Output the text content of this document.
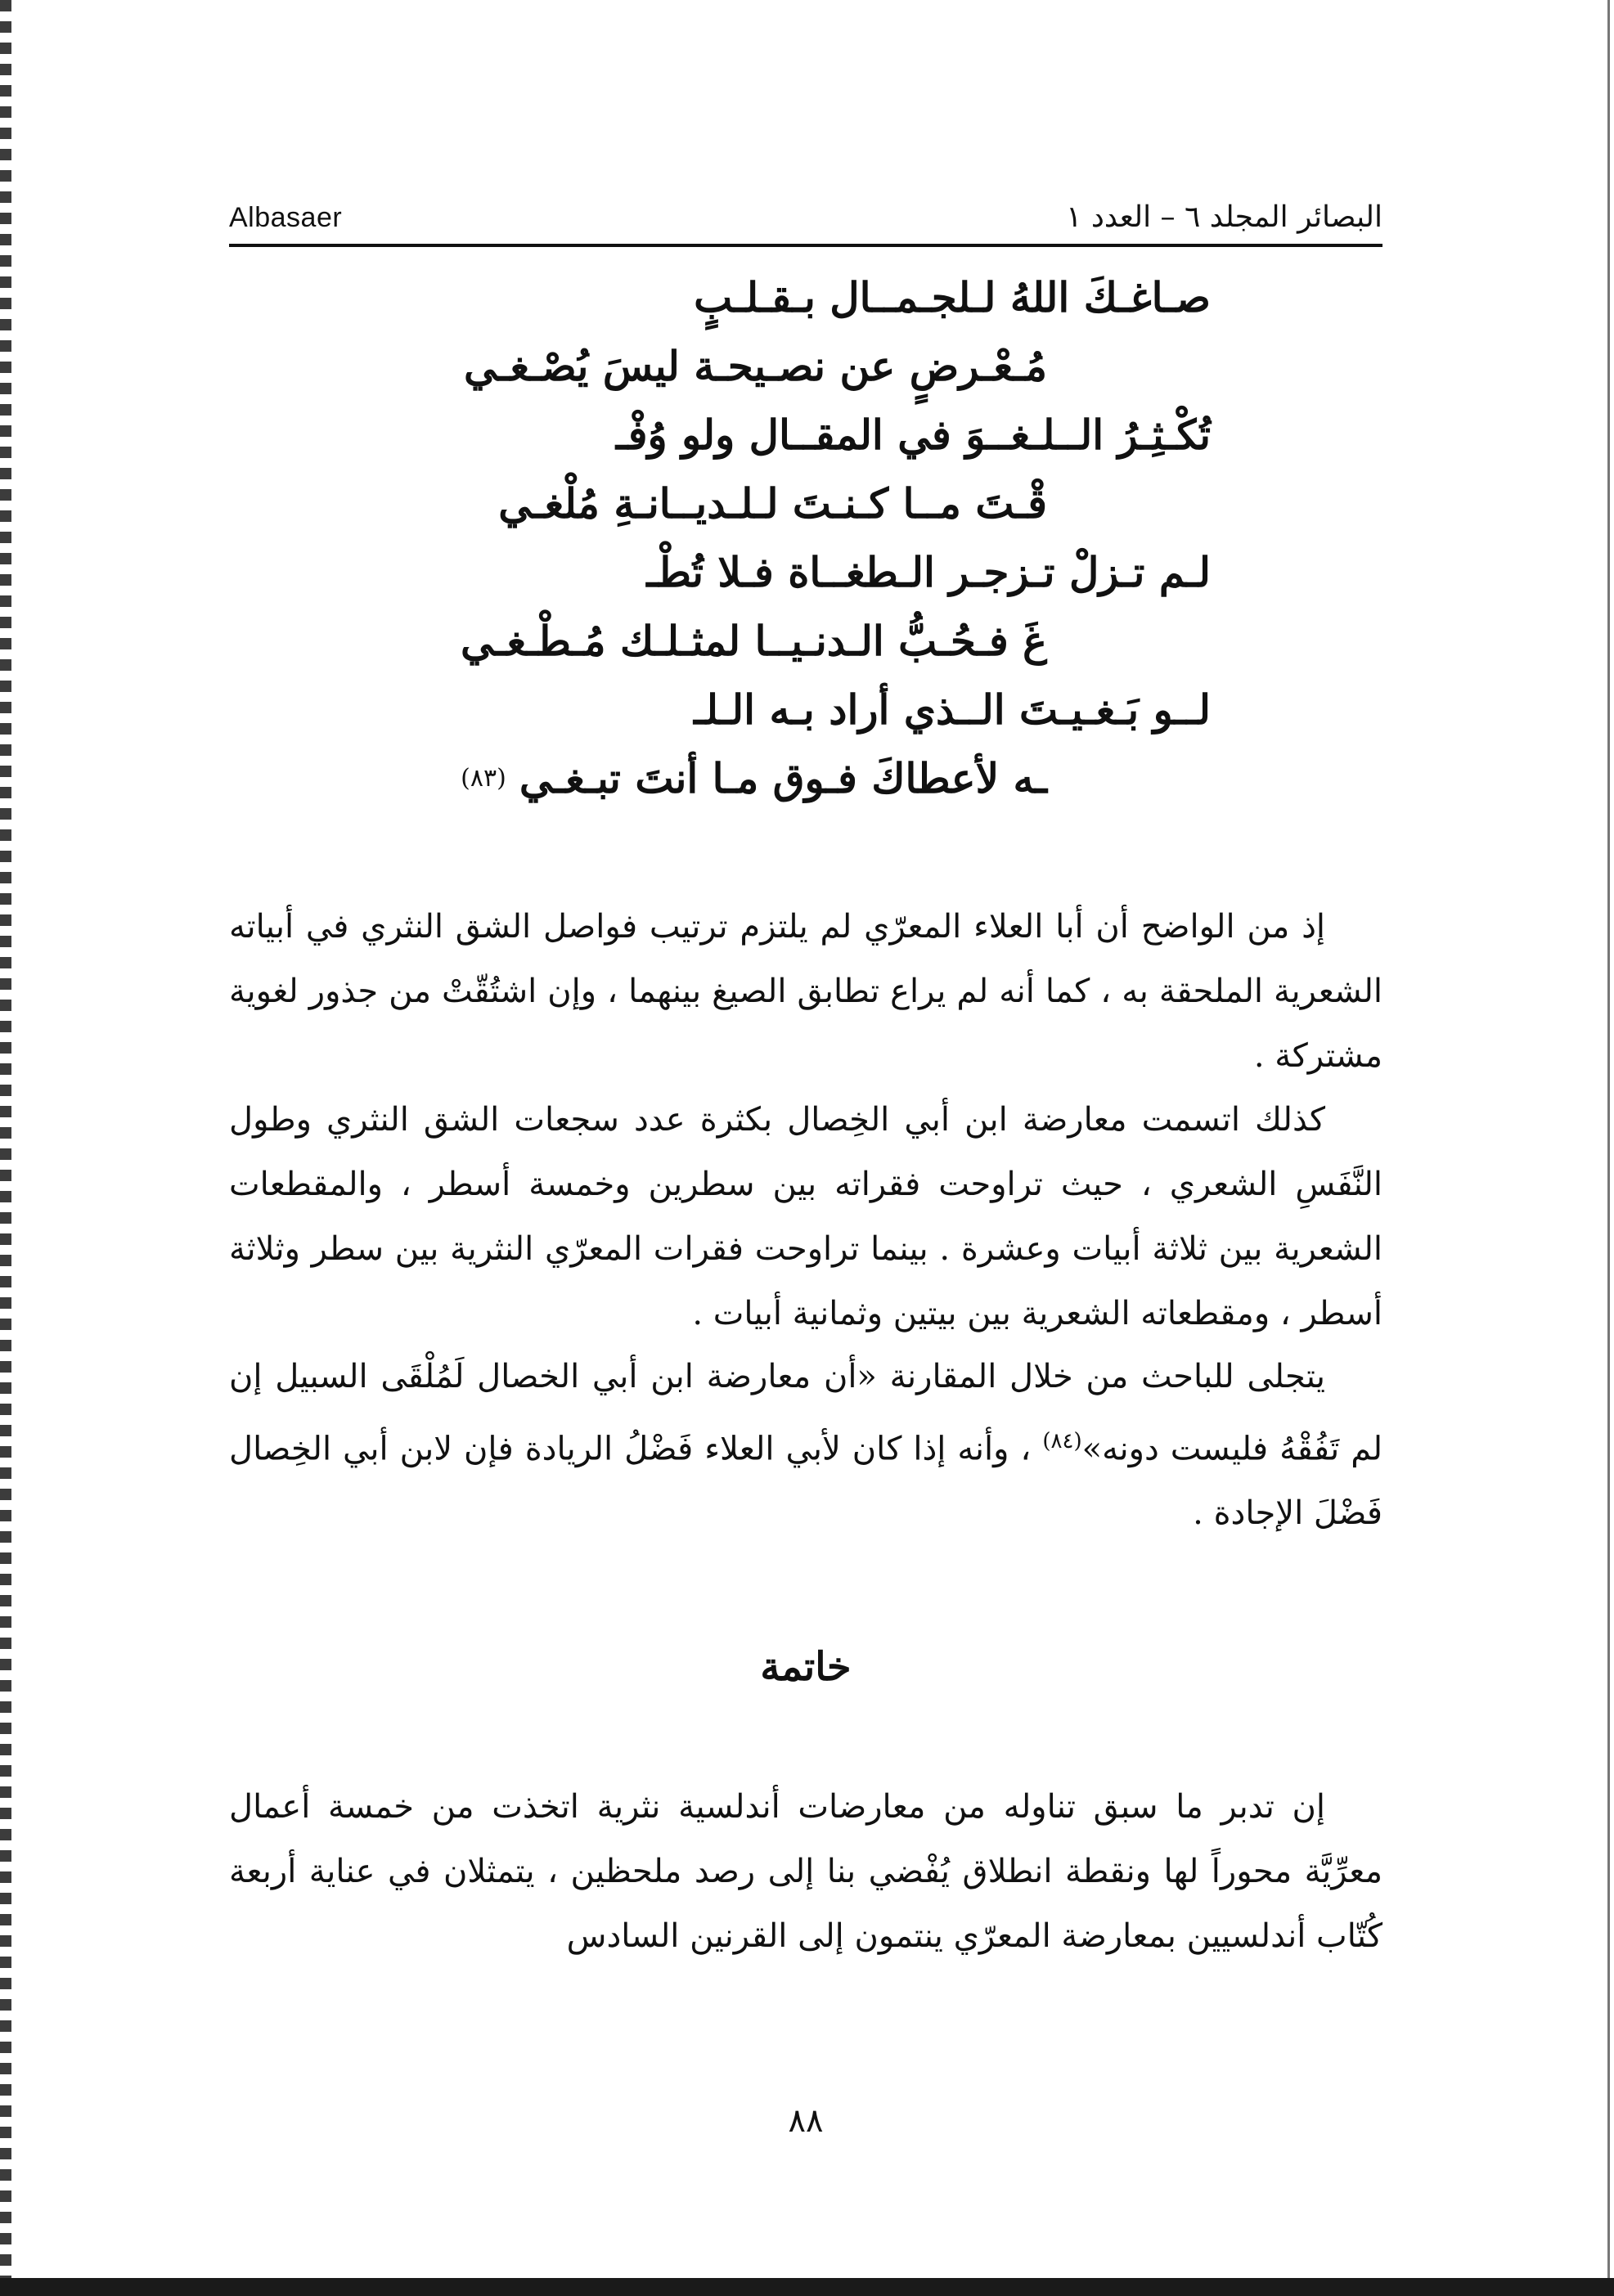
Albasaer	البصائر المجلد ٦ – العدد ١
صـاغـكَ اللهُ لـلجـمــال بـقـلـبٍ
مُـعْـرضٍ عن نصـيحـة ليسَ يُصْـغـي
تُكْـثِـرُ الــلـغــوَ في المقــال ولو وُفْـ
قْـتَ مــا كـنـتَ لـلـديــانـةِ مُلْغـي
لـم تـزلْ تـزجـر الـطغــاة فـلا تُطْـ
غَ فـحُـبُّ الـدنـيــا لمثـلـك مُـطْـغـي
لــو بَـغـيـتَ الــذي أراد بـه الـلـ
ـه لأعطاكَ فـوق مـا أنتَ تبـغـي
(٨٣)

إذ من الواضح أن أبا العلاء المعرّي لم يلتزم ترتيب فواصل الشق النثري في أبياته الشعرية الملحقة به ، كما أنه لم يراع تطابق الصيغ بينهما ، وإن اشتُقّتْ من جذور لغوية مشتركة .

كذلك اتسمت معارضة ابن أبي الخِصال بكثرة عدد سجعات الشق النثري وطول النَّفَسِ الشعري ، حيث تراوحت فقراته بين سطرين وخمسة أسطر ، والمقطعات الشعرية بين ثلاثة أبيات وعشرة . بينما تراوحت فقرات المعرّي النثرية بين سطر وثلاثة أسطر ، ومقطعاته الشعرية بين بيتين وثمانية أبيات .

يتجلى للباحث من خلال المقارنة «أن معارضة ابن أبي الخصال لَمُلْقَى السبيل إن لم تَفُقْهُ فليست دونه»$^{(٨٤)}$ ، وأنه إذا كان لأبي العلاء فَضْلُ الريادة فإن لابن أبي الخِصال فَضْلَ الإجادة .

خاتمة

إن تدبر ما سبق تناوله من معارضات أندلسية نثرية اتخذت من خمسة أعمال معرِّيَّة محوراً لها ونقطة انطلاق يُفْضي بنا إلى رصد ملحظين ، يتمثلان في عناية أربعة كُتّاب أندلسيين بمعارضة المعرّي ينتمون إلى القرنين السادس

٨٨
